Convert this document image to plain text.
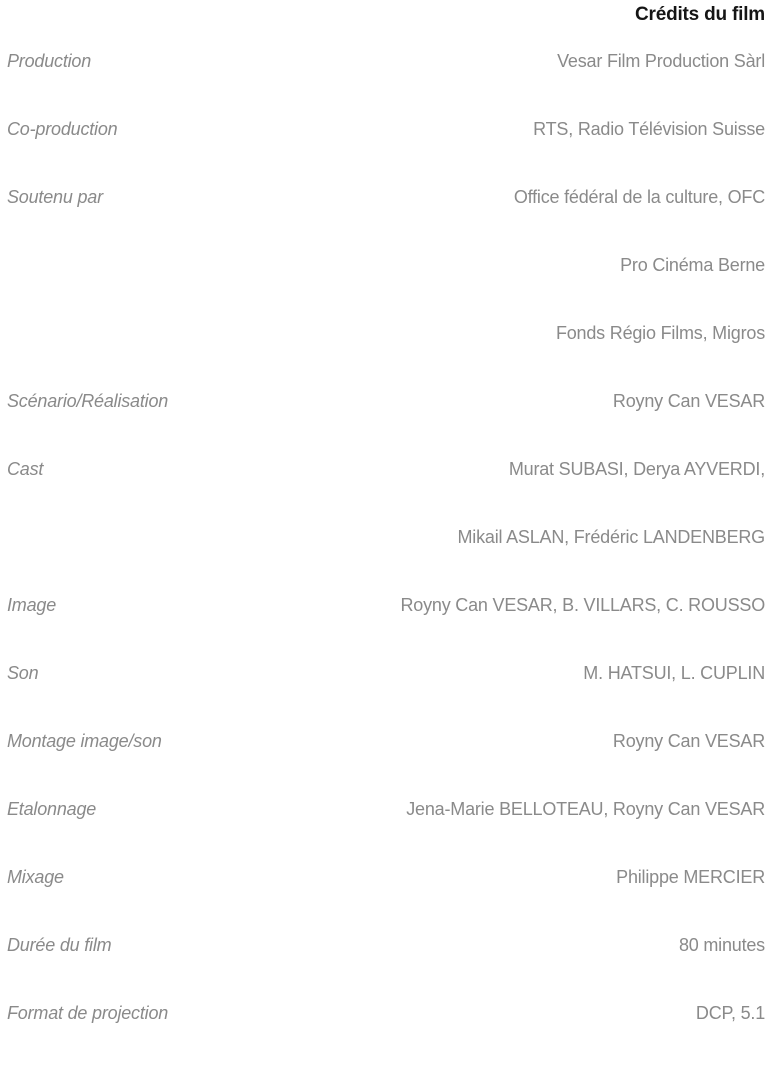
Crédits du film
Production	Vesar Film Production Sàrl
Co-production	RTS, Radio Télévision Suisse
Soutenu par	Office fédéral de la culture, OFC
Pro Cinéma Berne
Fonds Régio Films, Migros
Scénario/Réalisation	Royny Can VESAR
Cast	Murat SUBASI, Derya AYVERDI,
Mikail ASLAN, Frédéric LANDENBERG
Image	Royny Can VESAR, B. VILLARS, C. ROUSSO
Son	M. HATSUI, L. CUPLIN
Montage image/son	Royny Can VESAR
Etalonnage	Jena-Marie BELLOTEAU, Royny Can VESAR
Mixage	Philippe MERCIER
Durée du film	80 minutes
Format de projection	DCP, 5.1
